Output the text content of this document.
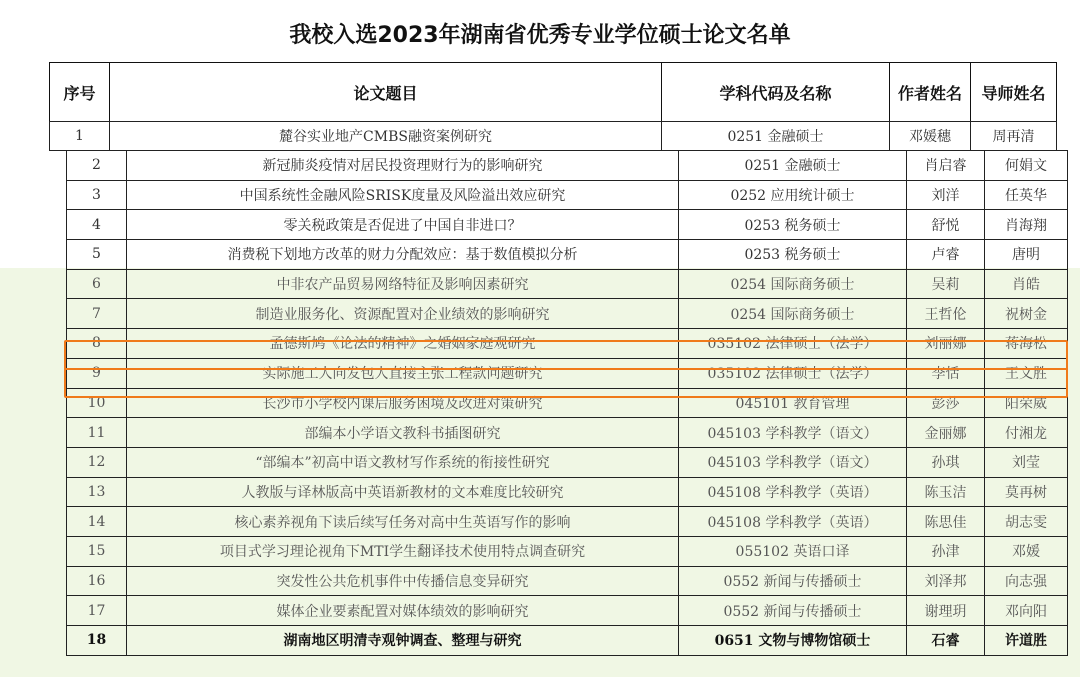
我校入选2023年湖南省优秀专业学位硕士论文名单
序号	论文题目	学科代码及名称	作者姓名	导师姓名
1	麓谷实业地产CMBS融资案例研究	0251 金融硕士	邓媛穗	周再清
2	新冠肺炎疫情对居民投资理财行为的影响研究	0251 金融硕士	肖启睿	何娟文
3	中国系统性金融风险SRISK度量及风险溢出效应研究	0252 应用统计硕士	刘洋	任英华
4	零关税政策是否促进了中国自非进口？	0253 税务硕士	舒悦	肖海翔
5	消费税下划地方改革的财力分配效应：基于数值模拟分析	0253 税务硕士	卢睿	唐明
6	中非农产品贸易网络特征及影响因素研究	0254 国际商务硕士	吴莉	肖皓
7	制造业服务化、资源配置对企业绩效的影响研究	0254 国际商务硕士	王哲伦	祝树金
8	孟德斯鸠《论法的精神》之婚姻家庭观研究	035102 法律硕士（法学）	刘丽娜	蒋海松
9	实际施工人向发包人直接主张工程款问题研究	035102 法律硕士（法学）	李恬	王文胜
10	长沙市小学校内课后服务困境及改进对策研究	045101 教育管理	彭莎	阳荣威
11	部编本小学语文教科书插图研究	045103 学科教学（语文）	金丽娜	付湘龙
12	“部编本”初高中语文教材写作系统的衔接性研究	045103 学科教学（语文）	孙琪	刘莹
13	人教版与译林版高中英语新教材的文本难度比较研究	045108 学科教学（英语）	陈玉洁	莫再树
14	核心素养视角下读后续写任务对高中生英语写作的影响	045108 学科教学（英语）	陈思佳	胡志雯
15	项目式学习理论视角下MTI学生翻译技术使用特点调查研究	055102 英语口译	孙津	邓媛
16	突发性公共危机事件中传播信息变异研究	0552 新闻与传播硕士	刘泽邦	向志强
17	媒体企业要素配置对媒体绩效的影响研究	0552 新闻与传播硕士	谢理玥	邓向阳
18	湖南地区明清寺观钟调查、整理与研究	0651 文物与博物馆硕士	石睿	许道胜
